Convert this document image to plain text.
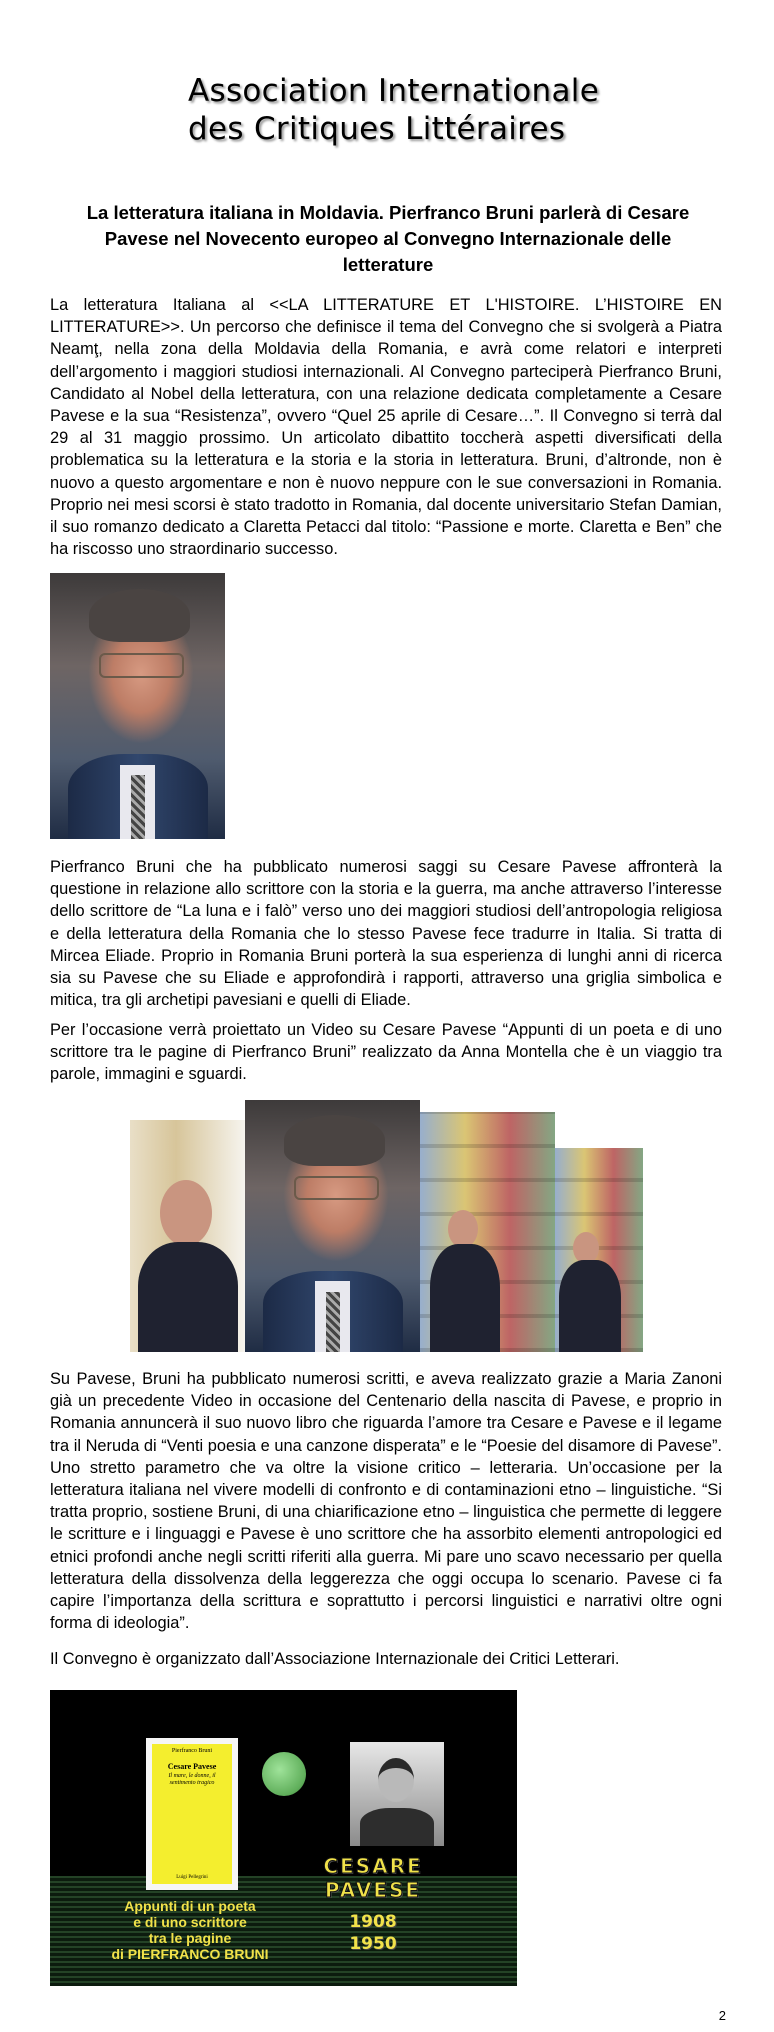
Association Internationale
des Critiques Littéraires
La letteratura italiana in Moldavia. Pierfranco Bruni parlerà di Cesare Pavese nel Novecento europeo al Convegno Internazionale delle letterature

La letteratura Italiana al <<LA LITTERATURE ET L'HISTOIRE. L’HISTOIRE EN LITTERATURE>>. Un percorso che definisce il tema del Convegno che si svolgerà a Piatra Neamţ, nella zona della Moldavia della Romania, e avrà come relatori e interpreti dell’argomento i maggiori studiosi internazionali. Al Convegno parteciperà Pierfranco Bruni, Candidato al Nobel della letteratura, con una relazione dedicata completamente a Cesare Pavese e la sua “Resistenza”, ovvero “Quel 25 aprile di Cesare…”. Il Convegno si terrà dal 29 al 31 maggio prossimo. Un articolato dibattito toccherà aspetti diversificati della problematica su la letteratura e la storia e la storia in letteratura. Bruni, d’altronde, non è nuovo a questo argomentare e non è nuovo neppure con le sue conversazioni in Romania. Proprio nei mesi scorsi è stato tradotto in Romania, dal docente universitario Stefan Damian, il suo romanzo dedicato a Claretta Petacci dal titolo: “Passione e morte. Claretta e Ben” che ha riscosso uno straordinario successo.

Pierfranco Bruni che ha pubblicato numerosi saggi su Cesare Pavese affronterà la questione in relazione allo scrittore con la storia e la guerra, ma anche attraverso l’interesse dello scrittore de “La luna e i falò” verso uno dei maggiori studiosi dell’antropologia religiosa e della letteratura della Romania che lo stesso Pavese fece tradurre in Italia. Si tratta di Mircea Eliade. Proprio in Romania Bruni porterà la sua esperienza di lunghi anni di ricerca sia su Pavese che su Eliade e approfondirà i rapporti, attraverso una griglia simbolica e mitica, tra gli archetipi pavesiani e quelli di Eliade.

Per l’occasione verrà proiettato un Video su Cesare Pavese “Appunti di un poeta e di uno scrittore tra le pagine di Pierfranco Bruni” realizzato da Anna Montella che è un viaggio tra parole, immagini e sguardi.

Su Pavese, Bruni ha pubblicato numerosi scritti, e aveva realizzato grazie a Maria Zanoni già un precedente Video in occasione del Centenario della nascita di Pavese, e proprio in Romania annuncerà il suo nuovo libro che riguarda l’amore tra Cesare e Pavese e il legame tra il Neruda di “Venti poesia e una canzone disperata” e le “Poesie del disamore di Pavese”. Uno stretto parametro che va oltre la visione critico – letteraria. Un’occasione per la letteratura italiana nel vivere modelli di confronto e di contaminazioni etno – linguistiche. “Si tratta proprio, sostiene Bruni, di una chiarificazione etno – linguistica che permette di leggere le scritture e i linguaggi e Pavese è uno scrittore che ha assorbito elementi antropologici ed etnici profondi anche negli scritti riferiti alla guerra. Mi pare uno scavo necessario per quella letteratura della dissolvenza della leggerezza che oggi occupa lo scenario. Pavese ci fa capire l’importanza della scrittura e soprattutto i percorsi linguistici e narrativi oltre ogni forma di ideologia”.

Il Convegno è organizzato dall’Associazione Internazionale dei Critici Letterari.

Pierfranco Bruni
Cesare Pavese
Il mare, le donne, il sentimento tragico
Luìgi Pellegrini	CESARE
PAVESE
1908
1950
Appunti di un poeta
e di uno scrittore
tra le pagine
di PIERFRANCO BRUNI
2
